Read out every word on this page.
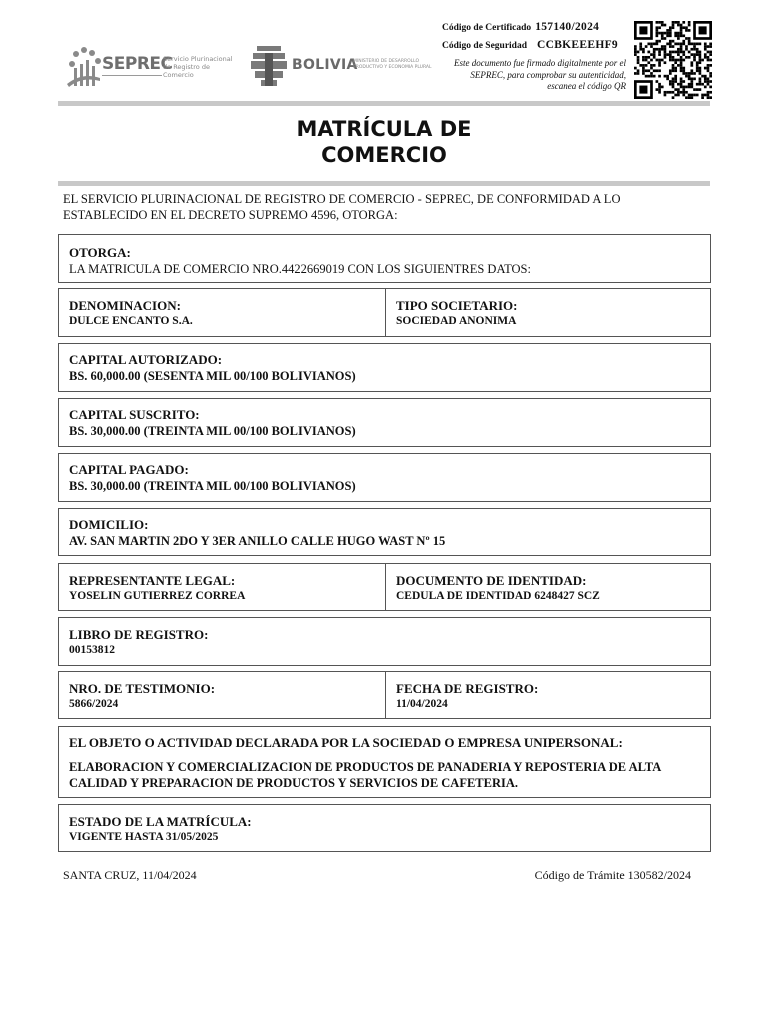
SEPREC
Servicio Plurinacional de Registro de Comercio
BOLIVIA
MINISTERIO DE DESARROLLO PRODUCTIVO Y ECONOMIA PLURAL
Código de Certificado 157140/2024
Código de Seguridad CCBKEEEHF9
Este documento fue firmado digitalmente por el SEPREC, para comprobar su autenticidad, escanea el código QR
MATRÍCULA DE
COMERCIO
EL SERVICIO PLURINACIONAL DE REGISTRO DE COMERCIO - SEPREC, DE CONFORMIDAD A LO ESTABLECIDO EN EL DECRETO SUPREMO 4596, OTORGA:
OTORGA:
LA MATRICULA DE COMERCIO NRO.4422669019 CON LOS SIGUIENTRES DATOS:
DENOMINACION:
DULCE ENCANTO S.A.
TIPO SOCIETARIO:
SOCIEDAD ANONIMA
CAPITAL AUTORIZADO:
BS. 60,000.00 (SESENTA MIL 00/100 BOLIVIANOS)
CAPITAL SUSCRITO:
BS. 30,000.00 (TREINTA MIL 00/100 BOLIVIANOS)
CAPITAL PAGADO:
BS. 30,000.00 (TREINTA MIL 00/100 BOLIVIANOS)
DOMICILIO:
AV. SAN MARTIN 2DO Y 3ER ANILLO CALLE HUGO WAST Nº 15
REPRESENTANTE LEGAL:
YOSELIN GUTIERREZ CORREA
DOCUMENTO DE IDENTIDAD:
CEDULA DE IDENTIDAD 6248427 SCZ
LIBRO DE REGISTRO:
00153812
NRO. DE TESTIMONIO:
5866/2024
FECHA DE REGISTRO:
11/04/2024
EL OBJETO O ACTIVIDAD DECLARADA POR LA SOCIEDAD O EMPRESA UNIPERSONAL:
ELABORACION Y COMERCIALIZACION DE PRODUCTOS DE PANADERIA Y REPOSTERIA DE ALTA CALIDAD Y PREPARACION DE PRODUCTOS Y SERVICIOS DE CAFETERIA.
ESTADO DE LA MATRÍCULA:
VIGENTE HASTA 31/05/2025
SANTA CRUZ, 11/04/2024	Código de Trámite 130582/2024
